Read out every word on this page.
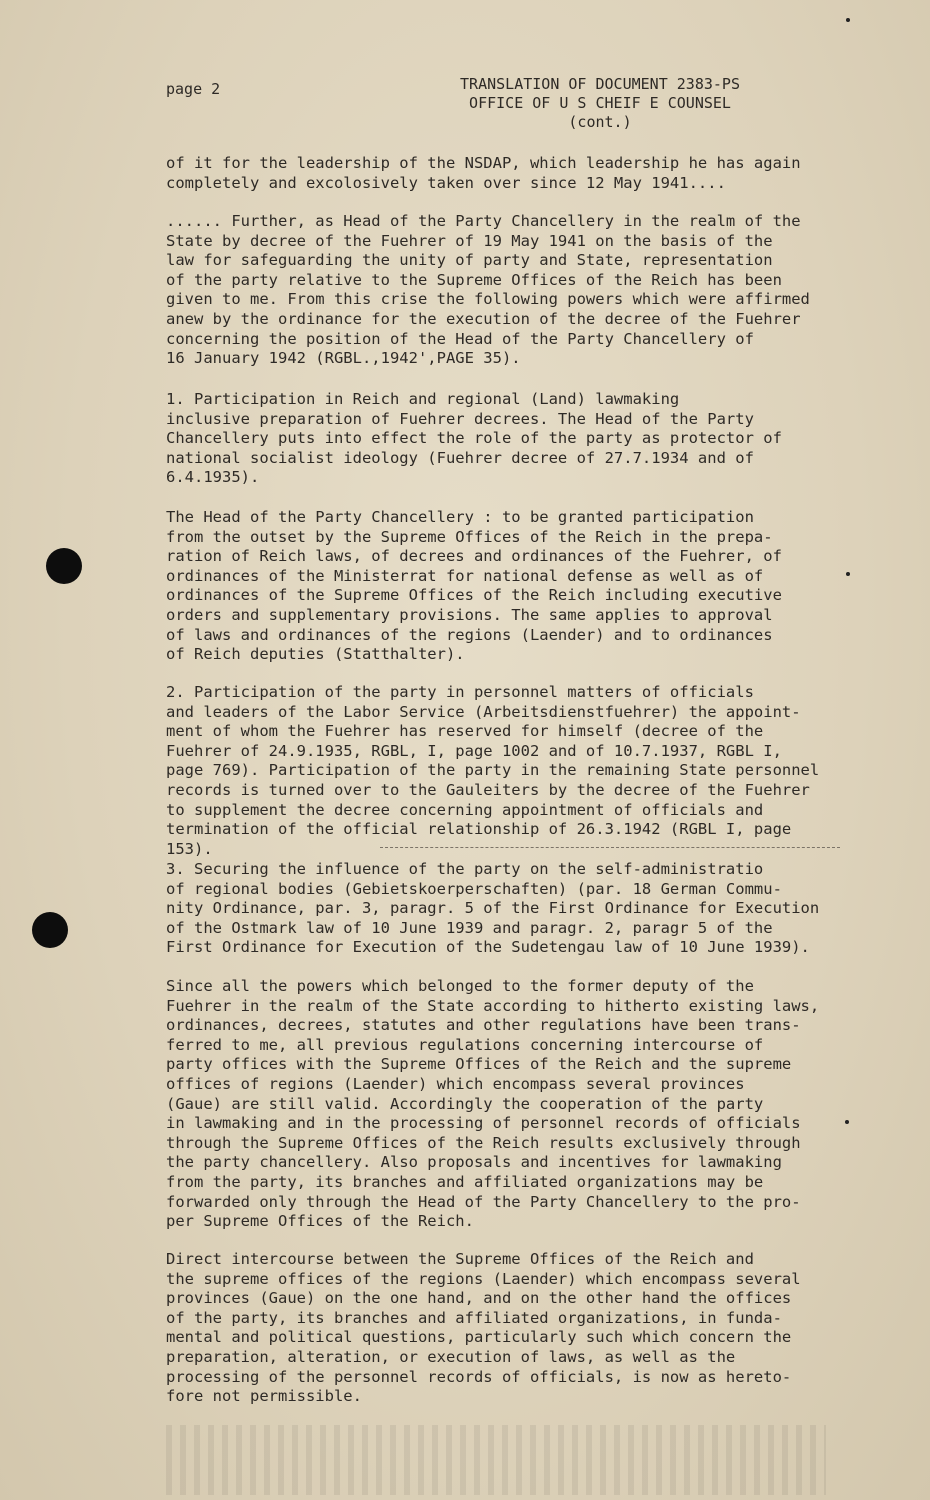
page 2	TRANSLATION OF DOCUMENT 2383-PS
OFFICE OF U S CHEIF E COUNSEL
(cont.)

of it for the leadership of the NSDAP, which leadership he has again
completely and excolosively taken over since 12 May 1941....

...... Further, as Head of the Party Chancellery in the realm of the
State by decree of the Fuehrer of 19 May 1941 on the basis of the
law for safeguarding the unity of party and State, representation
of the party relative to the Supreme Offices of the Reich has been
given to me. From this crise the following powers which were affirmed
anew by the ordinance for the execution of the decree of the Fuehrer
concerning the position of the Head of the Party Chancellery of
16 January 1942 (RGBL.,1942',PAGE 35).

1. Participation in Reich and regional (Land) lawmaking
inclusive preparation of Fuehrer decrees. The Head of the Party
Chancellery puts into effect the role of the party as protector of
national socialist ideology (Fuehrer decree of 27.7.1934 and of
6.4.1935).

The Head of the Party Chancellery : to be granted participation
from the outset by the Supreme Offices of the Reich in the prepa-
ration of Reich laws, of decrees and ordinances of the Fuehrer, of
ordinances of the Ministerrat for national defense as well as of
ordinances of the Supreme Offices of the Reich including executive
orders and supplementary provisions. The same applies to approval
of laws and ordinances of the regions (Laender) and to ordinances
of Reich deputies (Statthalter).

2. Participation of the party in personnel matters of officials
and leaders of the Labor Service (Arbeitsdienstfuehrer) the appoint-
ment of whom the Fuehrer has reserved for himself (decree of the
Fuehrer of 24.9.1935, RGBL, I, page 1002 and of 10.7.1937, RGBL I,
page 769). Participation of the party in the remaining State personnel
records is turned over to the Gauleiters by the decree of the Fuehrer
to supplement the decree concerning appointment of officials and
termination of the official relationship of 26.3.1942 (RGBL I, page
153).

3. Securing the influence of the party on the self-administratio
of regional bodies (Gebietskoerperschaften) (par. 18 German Commu-
nity Ordinance, par. 3, paragr. 5 of the First Ordinance for Execution
of the Ostmark law of 10 June 1939 and paragr. 2, paragr 5 of the
First Ordinance for Execution of the Sudetengau law of 10 June 1939).

Since all the powers which belonged to the former deputy of the
Fuehrer in the realm of the State according to hitherto existing laws,
ordinances, decrees, statutes and other regulations have been trans-
ferred to me, all previous regulations concerning intercourse of
party offices with the Supreme Offices of the Reich and the supreme
offices of regions (Laender) which encompass several provinces
(Gaue) are still valid. Accordingly the cooperation of the party
in lawmaking and in the processing of personnel records of officials
through the Supreme Offices of the Reich results exclusively through
the party chancellery. Also proposals and incentives for lawmaking
from the party, its branches and affiliated organizations may be
forwarded only through the Head of the Party Chancellery to the pro-
per Supreme Offices of the Reich.

Direct intercourse between the Supreme Offices of the Reich and
the supreme offices of the regions (Laender) which encompass several
provinces (Gaue) on the one hand, and on the other hand the offices
of the party, its branches and affiliated organizations, in funda-
mental and political questions, particularly such which concern the
preparation, alteration, or execution of laws, as well as the
processing of the personnel records of officials, is now as hereto-
fore not permissible.
